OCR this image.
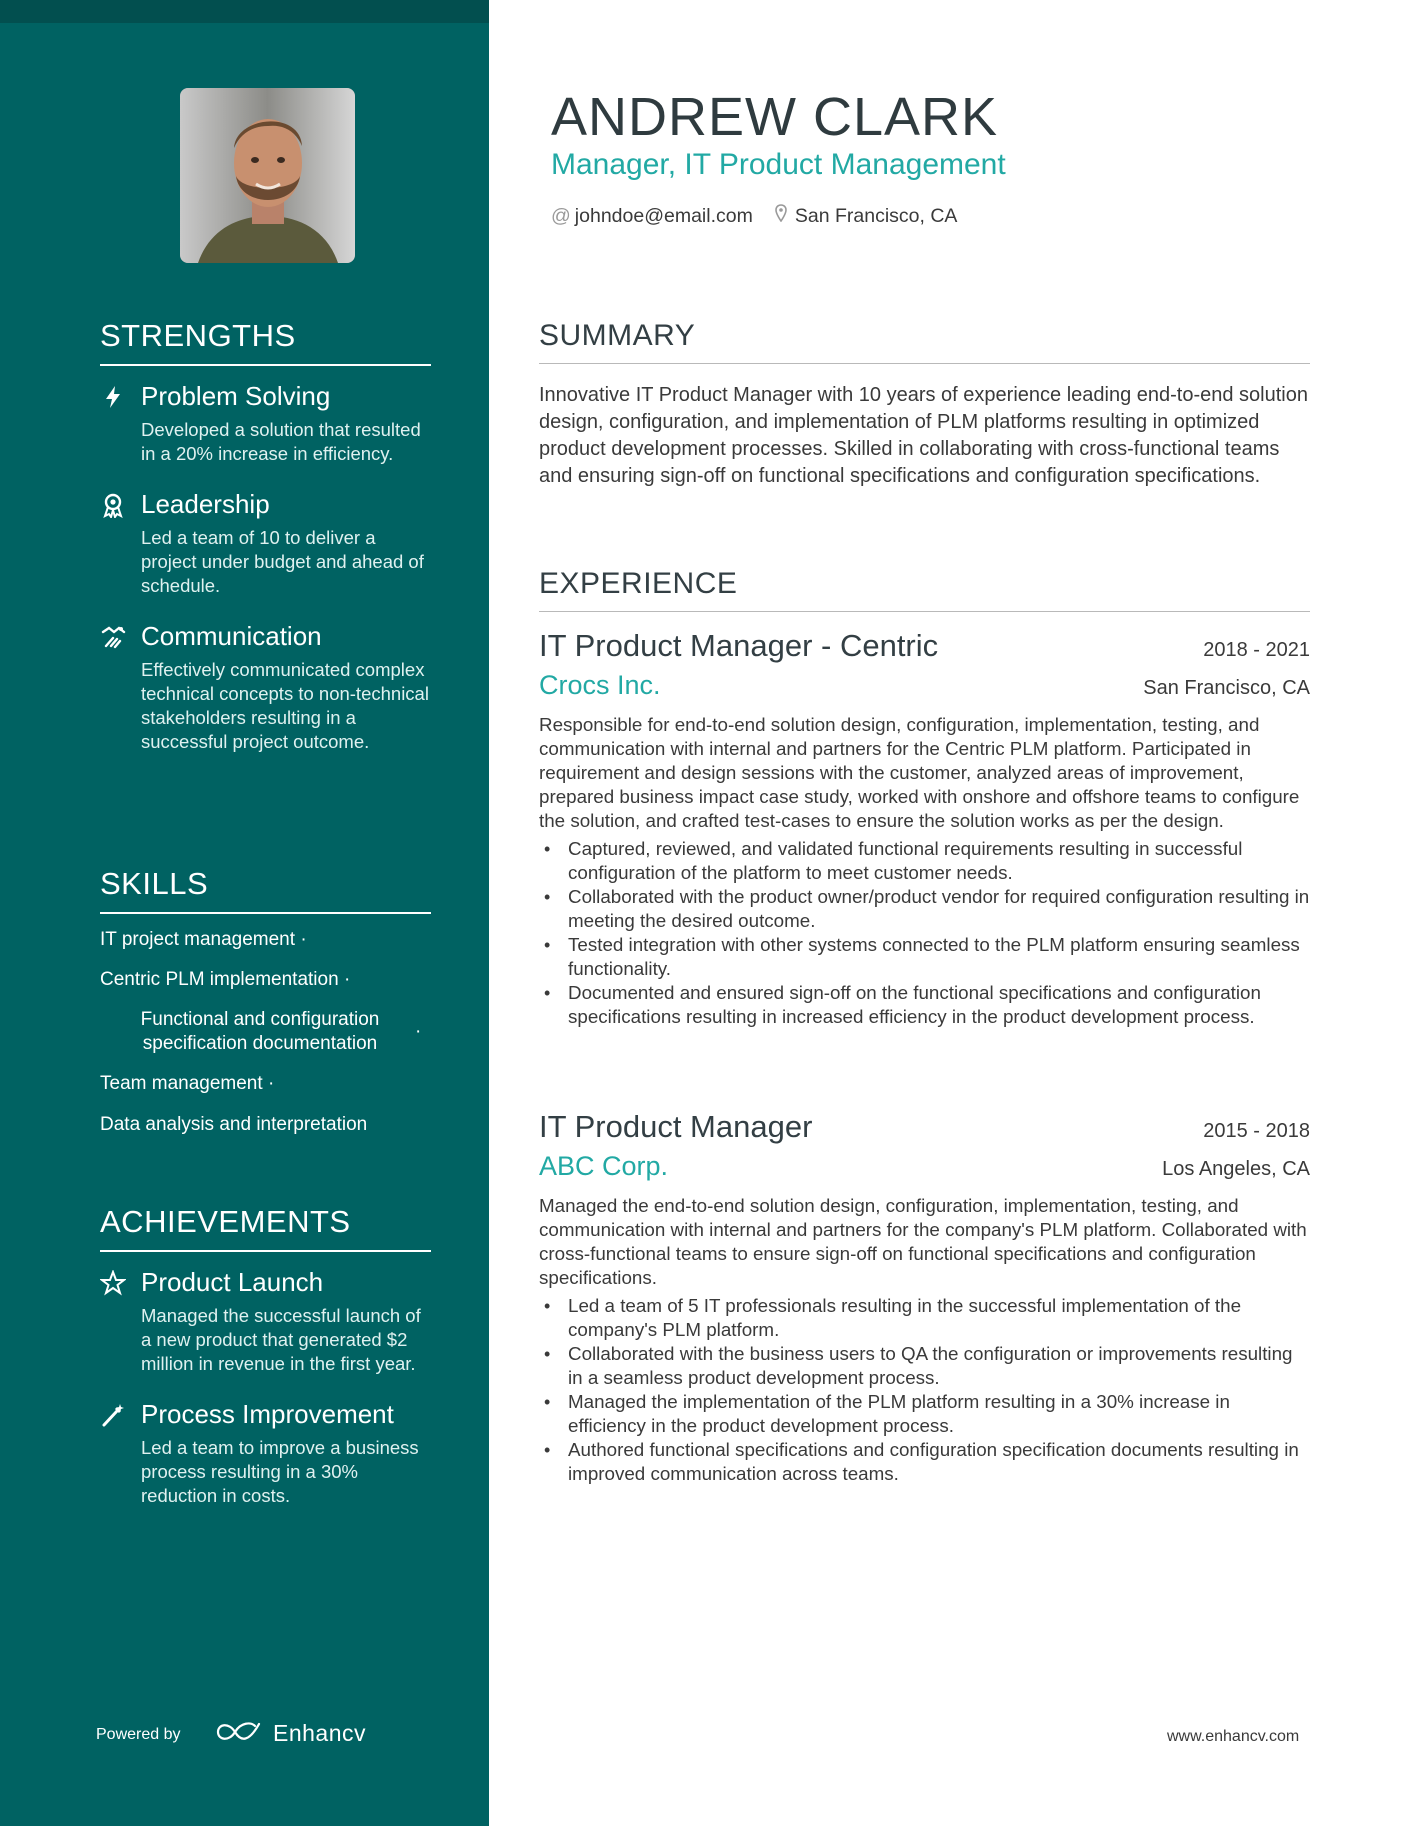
STRENGTHS
Problem Solving
Developed a solution that resulted in a 20% increase in efficiency.
Leadership
Led a team of 10 to deliver a project under budget and ahead of schedule.
Communication
Effectively communicated complex technical concepts to non-technical stakeholders resulting in a successful project outcome.
SKILLS
IT project management ·
Centric PLM implementation ·
Functional and configuration specification documentation
·
Team management ·
Data analysis and interpretation
ACHIEVEMENTS
Product Launch
Managed the successful launch of a new product that generated $2 million in revenue in the first year.
Process Improvement
Led a team to improve a business process resulting in a 30% reduction in costs.
Powered by	Enhancv
ANDREW CLARK
Manager, IT Product Management
@ johndoe@email.com San Francisco, CA
SUMMARY
Innovative IT Product Manager with 10 years of experience leading end-to-end solution design, configuration, and implementation of PLM platforms resulting in optimized product development processes. Skilled in collaborating with cross-functional teams and ensuring sign-off on functional specifications and configuration specifications.
EXPERIENCE
IT Product Manager - Centric	2018 - 2021
Crocs Inc.	San Francisco, CA
Responsible for end-to-end solution design, configuration, implementation, testing, and communication with internal and partners for the Centric PLM platform. Participated in requirement and design sessions with the customer, analyzed areas of improvement, prepared business impact case study, worked with onshore and offshore teams to configure the solution, and crafted test-cases to ensure the solution works as per the design.
• Captured, reviewed, and validated functional requirements resulting in successful configuration of the platform to meet customer needs.
• Collaborated with the product owner/product vendor for required configuration resulting in meeting the desired outcome.
• Tested integration with other systems connected to the PLM platform ensuring seamless functionality.
• Documented and ensured sign-off on the functional specifications and configuration specifications resulting in increased efficiency in the product development process.
IT Product Manager	2015 - 2018
ABC Corp.	Los Angeles, CA
Managed the end-to-end solution design, configuration, implementation, testing, and communication with internal and partners for the company's PLM platform. Collaborated with cross-functional teams to ensure sign-off on functional specifications and configuration specifications.
• Led a team of 5 IT professionals resulting in the successful implementation of the company's PLM platform.
• Collaborated with the business users to QA the configuration or improvements resulting in a seamless product development process.
• Managed the implementation of the PLM platform resulting in a 30% increase in efficiency in the product development process.
• Authored functional specifications and configuration specification documents resulting in improved communication across teams.
www.enhancv.com
